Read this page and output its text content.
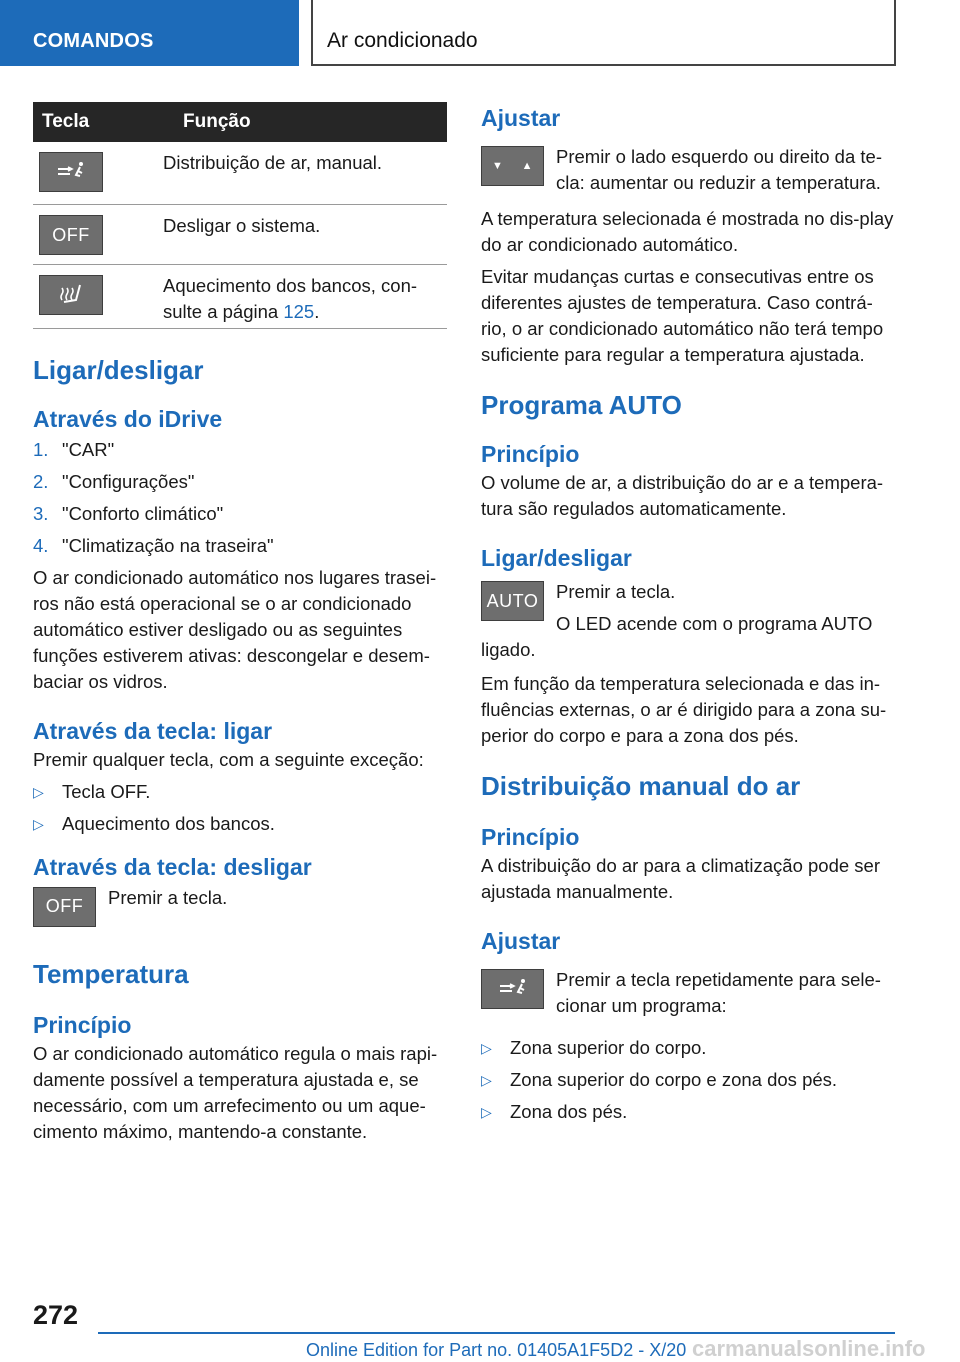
COMANDOS	Ar condicionado
Tecla	Função

	Distribuição de ar, manual.

OFF	Desligar o sistema.

	Aquecimento dos bancos, con-sulte a página 125.
Ligar/desligar
Através do iDrive
1. "CAR"
2. "Configurações"
3. "Conforto climático"
4. "Climatização na traseira"

O ar condicionado automático nos lugares trasei-ros não está operacional se o ar condicionado automático estiver desligado ou as seguintes funções estiverem ativas: descongelar e desem-baciar os vidros.

Através da tecla: ligar

Premir qualquer tecla, com a seguinte exceção:

▷ Tecla OFF.
▷ Aquecimento dos bancos.
Através da tecla: desligar
OFF Premir a tecla.

Temperatura
Princípio

O ar condicionado automático regula o mais rapi-damente possível a temperatura ajustada e, se necessário, com um arrefecimento ou um aque-cimento máximo, mantendo-a constante.

Ajustar
▼ ▲ Premir o lado esquerdo ou direito da te-cla: aumentar ou reduzir a temperatura.

A temperatura selecionada é mostrada no dis-play do ar condicionado automático.

Evitar mudanças curtas e consecutivas entre os diferentes ajustes de temperatura. Caso contrá-rio, o ar condicionado automático não terá tempo suficiente para regular a temperatura ajustada.

Programa AUTO
Princípio

O volume de ar, a distribuição do ar e a tempera-tura são regulados automaticamente.

Ligar/desligar
AUTO Premir a tecla.

O LED acende com o programa AUTO ligado.

Em função da temperatura selecionada e das in-fluências externas, o ar é dirigido para a zona su-perior do corpo e para a zona dos pés.

Distribuição manual do ar
Princípio

A distribuição do ar para a climatização pode ser ajustada manualmente.

Ajustar

Premir a tecla repetidamente para sele-cionar um programa:

▷ Zona superior do corpo.
▷ Zona superior do corpo e zona dos pés.
▷ Zona dos pés.
272
Online Edition for Part no. 01405A1F5D2 - X/20 carmanualsonline.info
